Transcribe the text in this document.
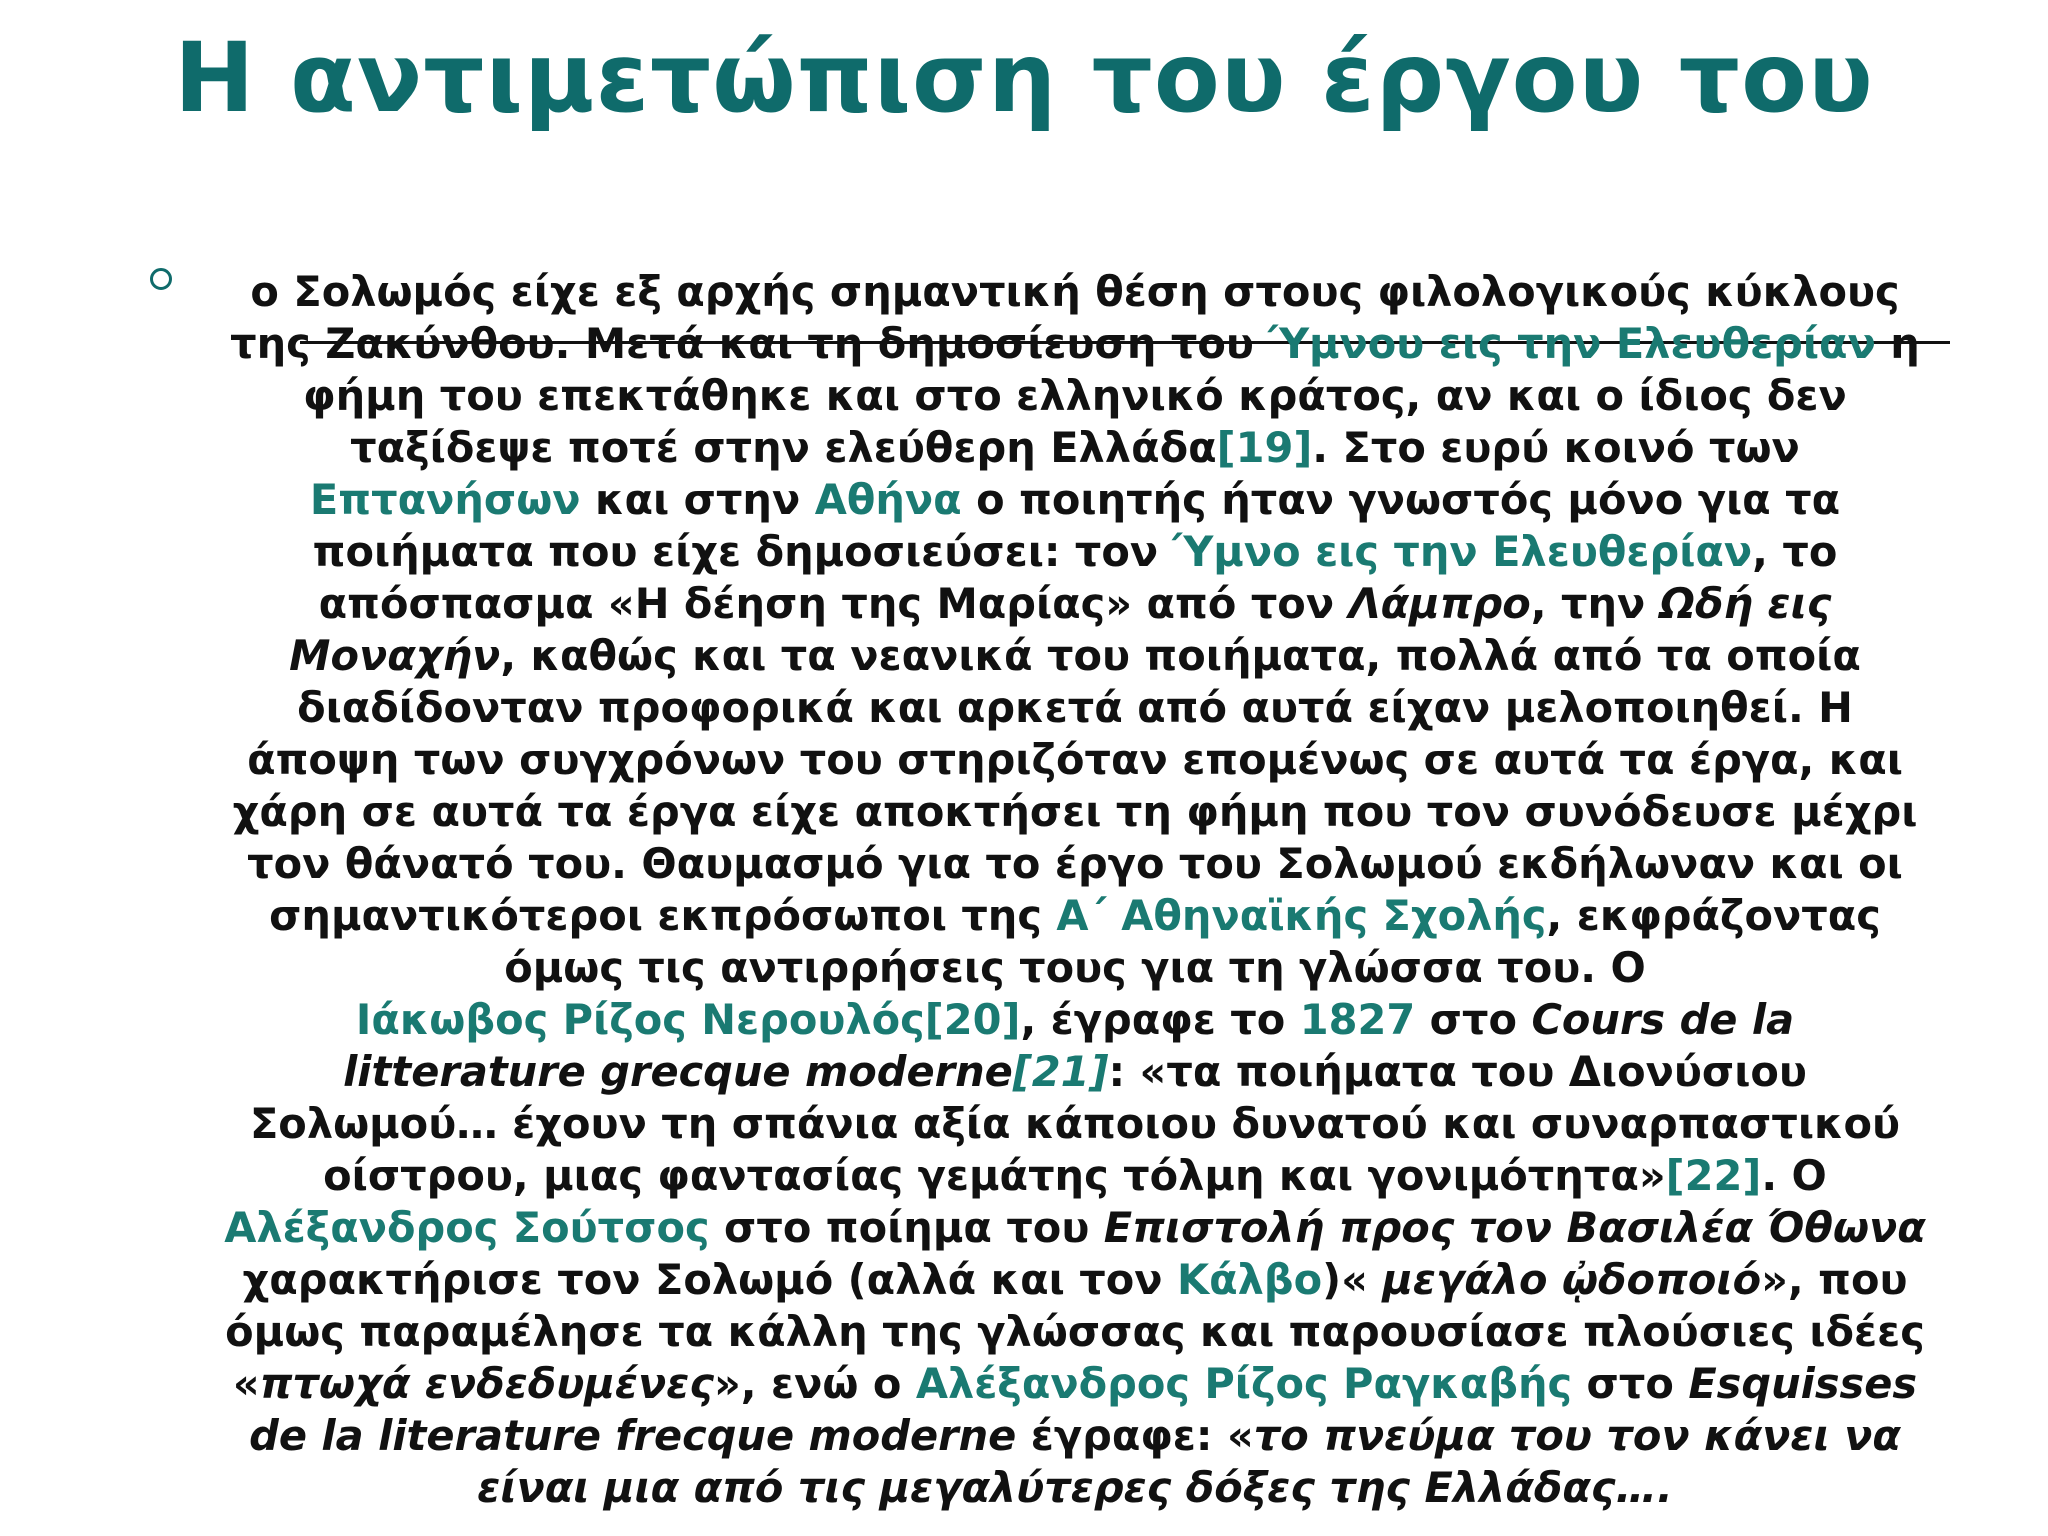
Η αντιμετώπιση του έργου του
ο Σολωμός είχε εξ αρχής σημαντική θέση στους φιλολογικούς κύκλους
της Ζακύνθου. Μετά και τη δημοσίευση του Ύμνου εις την Ελευθερίαν η
φήμη του επεκτάθηκε και στο ελληνικό κράτος, αν και ο ίδιος δεν
ταξίδεψε ποτέ στην ελεύθερη Ελλάδα[19]. Στο ευρύ κοινό των
Επτανήσων και στην Αθήνα ο ποιητής ήταν γνωστός μόνο για τα
ποιήματα που είχε δημοσιεύσει: τον Ύμνο εις την Ελευθερίαν, το
απόσπασμα «Η δέηση της Μαρίας» από τον Λάμπρο, την Ωδή εις
Μοναχήν, καθώς και τα νεανικά του ποιήματα, πολλά από τα οποία
διαδίδονταν προφορικά και αρκετά από αυτά είχαν μελοποιηθεί. Η
άποψη των συγχρόνων του στηριζόταν επομένως σε αυτά τα έργα, και
χάρη σε αυτά τα έργα είχε αποκτήσει τη φήμη που τον συνόδευσε μέχρι
τον θάνατό του. Θαυμασμό για το έργο του Σολωμού εκδήλωναν και οι
σημαντικότεροι εκπρόσωποι της Α΄ Αθηναϊκής Σχολής, εκφράζοντας
όμως τις αντιρρήσεις τους για τη γλώσσα του. Ο
Ιάκωβος Ρίζος Νερουλός[20], έγραφε το 1827 στο Cours de la
litterature grecque moderne[21]: «τα ποιήματα του Διονύσιου
Σολωμού… έχουν τη σπάνια αξία κάποιου δυνατού και συναρπαστικού
οίστρου, μιας φαντασίας γεμάτης τόλμη και γονιμότητα»[22]. Ο
Αλέξανδρος Σούτσος στο ποίημα του Επιστολή προς τον Βασιλέα Όθωνα
χαρακτήρισε τον Σολωμό (αλλά και τον Κάλβο)« μεγάλο ᾠδοποιό», που
όμως παραμέλησε τα κάλλη της γλώσσας και παρουσίασε πλούσιες ιδέες
«πτωχά ενδεδυμένες», ενώ ο Αλέξανδρος Ρίζος Ραγκαβής στο Esquisses
de la literature frecque moderne έγραφε: «το πνεύμα του τον κάνει να
είναι μια από τις μεγαλύτερες δόξες της Ελλάδας….
